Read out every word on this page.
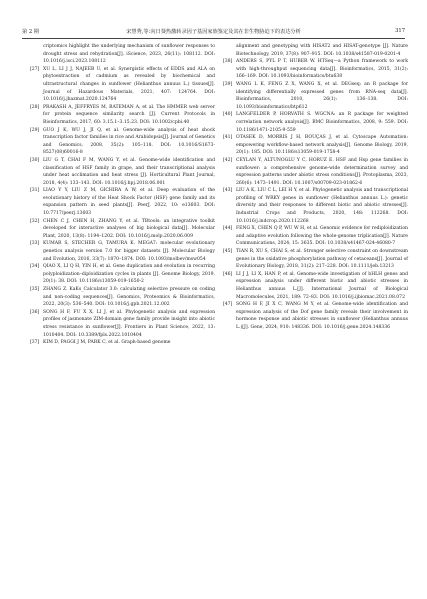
第 2 期	宋慧秀,等:向日葵热激转录因子基因家族鉴定及其在非生物胁迫下的表达分析	317
criptomics highlight the underlying mechanism of sunflower responses to drought stress and rehydration[J]. iScience, 2023, 26(11): 108112. DOI: 10.1016/j.isci.2023.108112
[27] XU L, LI J J, NAJEEB U, et al. Synergistic effects of EDDS and ALA on phytoextraction of cadmium as revealed by biochemical and ultrastructural changes in sunflower (Helianthus annuus L.) tissues[J]. Journal of Hazardous Materials, 2021, 407: 124764. DOI: 10.1016/j.jhazmat.2020.124764
[28] PRAKASH A, JEFFRYES M, BATEMAN A, et al. The HMMER web server for protein sequence similarity search [J]. Current Protocols in Bioinformatics, 2017, 60: 3.15.1–3.15.23. DOI: 10.1002/cpbi.40
[29] GUO J K, WU J, JI Q, et al. Genome-wide analysis of heat shock transcription factor families in rice and Arabidopsis[J]. Journal of Genetics and Genomics, 2008, 35(2): 105–118. DOI: 10.1016/S1673-8527(08)60016-8
[30] LIU G T, CHAI F M, WANG Y, et al. Genome-wide identification and classification of HSF family in grape, and their transcriptional analysis under heat acclimation and heat stress [J]. Horticultural Plant Journal, 2018, 4(4): 133–143. DOI: 10.1016/j.hpj.2018.06.001
[31] LIAO Y Y, LIU Z M, GICHIRA A W, et al. Deep evaluation of the evolutionary history of the Heat Shock Factor (HSF) gene family and its expansion pattern in seed plants[J]. PeerJ, 2022, 10: e13603. DOI: 10.7717/peerj.13603
[32] CHEN C J, CHEN H, ZHANG Y, et al. TBtools: an integrative toolkit developed for interactive analyses of big biological data[J]. Molecular Plant, 2020, 13(8): 1194–1202. DOI: 10.1016/j.molp.2020.06.009
[33] KUMAR S, STECHER G, TAMURA K. MEGA7: molecular evolutionary genetics analysis version 7.0 for bigger datasets [J]. Molecular Biology and Evolution, 2016, 33(7): 1870–1874. DOI: 10.1093/molbev/msw054
[34] QIAO X, LI Q H, YIN H, et al. Gene duplication and evolution in recurring polyploidization–diploidization cycles in plants [J]. Genome Biology, 2019, 20(1): 38. DOI: 10.1186/s13059-019-1650-2
[35] ZHANG Z. KaKs_Calculator 3.0: calculating selective pressure on coding and non-coding sequences[J]. Genomics, Proteomics & Bioinformatics, 2022, 20(3): 536–540. DOI: 10.1016/j.gpb.2021.12.002
[36] SONG H F, FU X X, LI J, et al. Phylogenetic analysis and expression profiles of jasmonate ZIM-domain gene family provide insight into abiotic stress resistance in sunflower[J]. Frontiers in Plant Science, 2022, 13: 1010404. DOI: 10.3389/fpls.2022.1010404
[37] KIM D, PAGGI J M, PARK C, et al. Graph-based genome
alignment and genotyping with HISAT2 and HISAT-genotype [J]. Nature Biotechnology, 2019, 37(8): 907–915. DOI: 10.1038/s41587-019-0201-4
[38] ANDERS S, PYL P T, HUBER W. HTSeq—a Python framework to work with high-throughput sequencing data[J]. Bioinformatics, 2015, 31(2): 166–169. DOI: 10.1093/bioinformatics/btu638
[39] WANG L K, FENG Z X, WANG X, et al. DEGseq: an R package for identifying differentially expressed genes from RNA-seq data[J]. Bioinformatics, 2010, 26(1): 136–138. DOI: 10.1093/bioinformatics/btp612
[40] LANGFELDER P, HORVATH S. WGCNA: an R package for weighted correlation network analysis[J]. BMC Bioinformatics, 2008, 9: 559. DOI: 10.1186/1471-2105-9-559
[41] OTASEK D, MORRIS J H, BOUÇAS J, et al. Cytoscape Automation: empowering workflow-based network analysis[J]. Genome Biology, 2019, 20(1): 185. DOI: 10.1186/s13059-019-1758-4
[42] CEYLAN Y, ALTUNOGLU Y C, HORUZ E. HSF and Hsp gene families in sunflower: a comprehensive genome-wide determination survey and expression patterns under abiotic stress conditions[J]. Protoplasma, 2023, 260(6): 1473–1491. DOI: 10.1007/s00709-023-01862-6
[43] LIU A K, LIU C L, LEI H Y, et al. Phylogenetic analysis and transcriptional profiling of WRKY genes in sunflower (Helianthus annuus L.): genetic diversity and their responses to different biotic and abiotic stresses[J]. Industrial Crops and Products, 2020, 148: 112268. DOI: 10.1016/j.indcrop.2020.112268
[44] FENG X, CHEN Q P, WU W H, et al. Genomic evidence for rediploidization and adaptive evolution following the whole-genome triplication[J]. Nature Communications, 2024, 15: 3635. DOI: 10.1038/s41467-024-46080-7
[45] TIAN R, XU S, CHAI S, et al. Stronger selective constraint on downstream genes in the oxidative phosphorylation pathway of cetaceans[J]. Journal of Evolutionary Biology, 2018, 31(2): 217–228. DOI: 10.1111/jeb.13213
[46] LI J J, LI X, HAN P, et al. Genome-wide investigation of bHLH genes and expression analysis under different biotic and abiotic stresses in Helianthus annuus L.[J]. International Journal of Biological Macromolecules, 2021, 189: 72–83. DOI: 10.1016/j.ijbiomac.2021.08.072
[47] SONG H F, JI X C, WANG M Y, et al. Genome-wide identification and expression analysis of the Dof gene family reveals their involvement in hormone response and abiotic stresses in sunflower (Helianthus annuus L.)[J]. Gene, 2024, 910: 148336. DOI: 10.1016/j.gene.2024.148336
